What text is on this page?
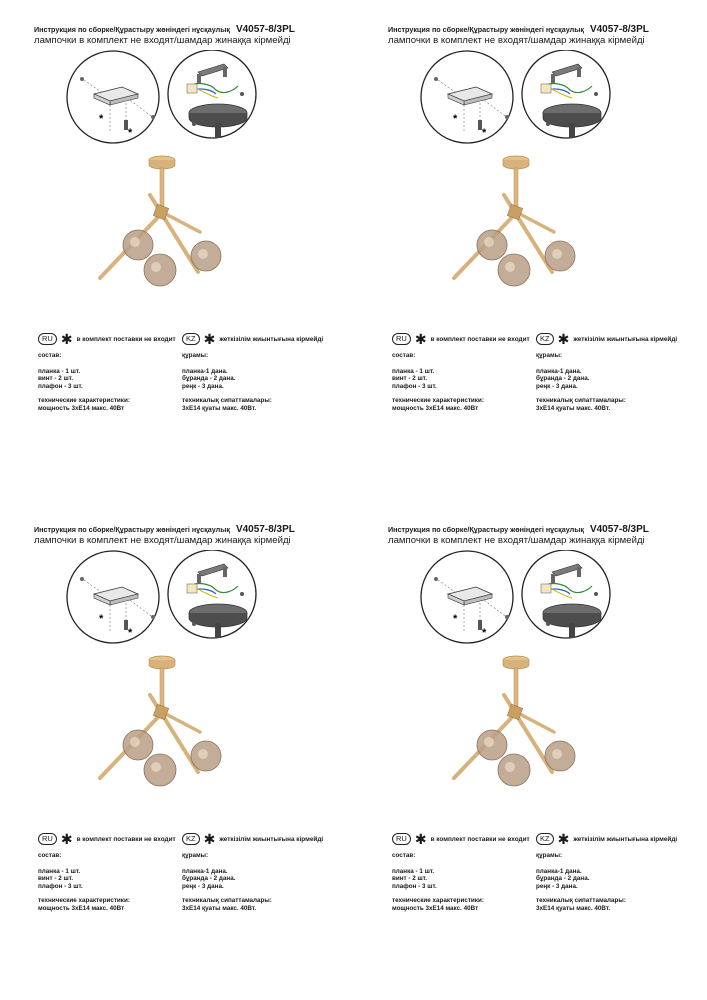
Инструкция по сборке/Құрастыру жөніндегі нұсқаулық V4057-8/3PL
лампочки в комплект не входят/шамдар жинаққа кірмейді
*
*
RU ✱ в комплект поставки не входит	KZ ✱ жеткізілім жиынтығына кірмейді
состав:
планка - 1 шт.
винт - 2 шт.
плафон - 3 шт.
технические характеристики:
мощность 3хE14 макс. 40Вт
құрамы:
планка-1 дана.
бұранда - 2 дана.
реңк - 3 дана.
техникалық сипаттамалары:
3хE14 қуаты макс. 40Вт.
Инструкция по сборке/Құрастыру жөніндегі нұсқаулық V4057-8/3PL
лампочки в комплект не входят/шамдар жинаққа кірмейді
*
*
RU ✱ в комплект поставки не входит	KZ ✱ жеткізілім жиынтығына кірмейді
состав:
планка - 1 шт.
винт - 2 шт.
плафон - 3 шт.
технические характеристики:
мощность 3хE14 макс. 40Вт
құрамы:
планка-1 дана.
бұранда - 2 дана.
реңк - 3 дана.
техникалық сипаттамалары:
3хE14 қуаты макс. 40Вт.
Инструкция по сборке/Құрастыру жөніндегі нұсқаулық V4057-8/3PL
лампочки в комплект не входят/шамдар жинаққа кірмейді
*
*
RU ✱ в комплект поставки не входит	KZ ✱ жеткізілім жиынтығына кірмейді
состав:
планка - 1 шт.
винт - 2 шт.
плафон - 3 шт.
технические характеристики:
мощность 3хE14 макс. 40Вт
құрамы:
планка-1 дана.
бұранда - 2 дана.
реңк - 3 дана.
техникалық сипаттамалары:
3хE14 қуаты макс. 40Вт.
Инструкция по сборке/Құрастыру жөніндегі нұсқаулық V4057-8/3PL
лампочки в комплект не входят/шамдар жинаққа кірмейді
*
*
RU ✱ в комплект поставки не входит	KZ ✱ жеткізілім жиынтығына кірмейді
состав:
планка - 1 шт.
винт - 2 шт.
плафон - 3 шт.
технические характеристики:
мощность 3хE14 макс. 40Вт
құрамы:
планка-1 дана.
бұранда - 2 дана.
реңк - 3 дана.
техникалық сипаттамалары:
3хE14 қуаты макс. 40Вт.
